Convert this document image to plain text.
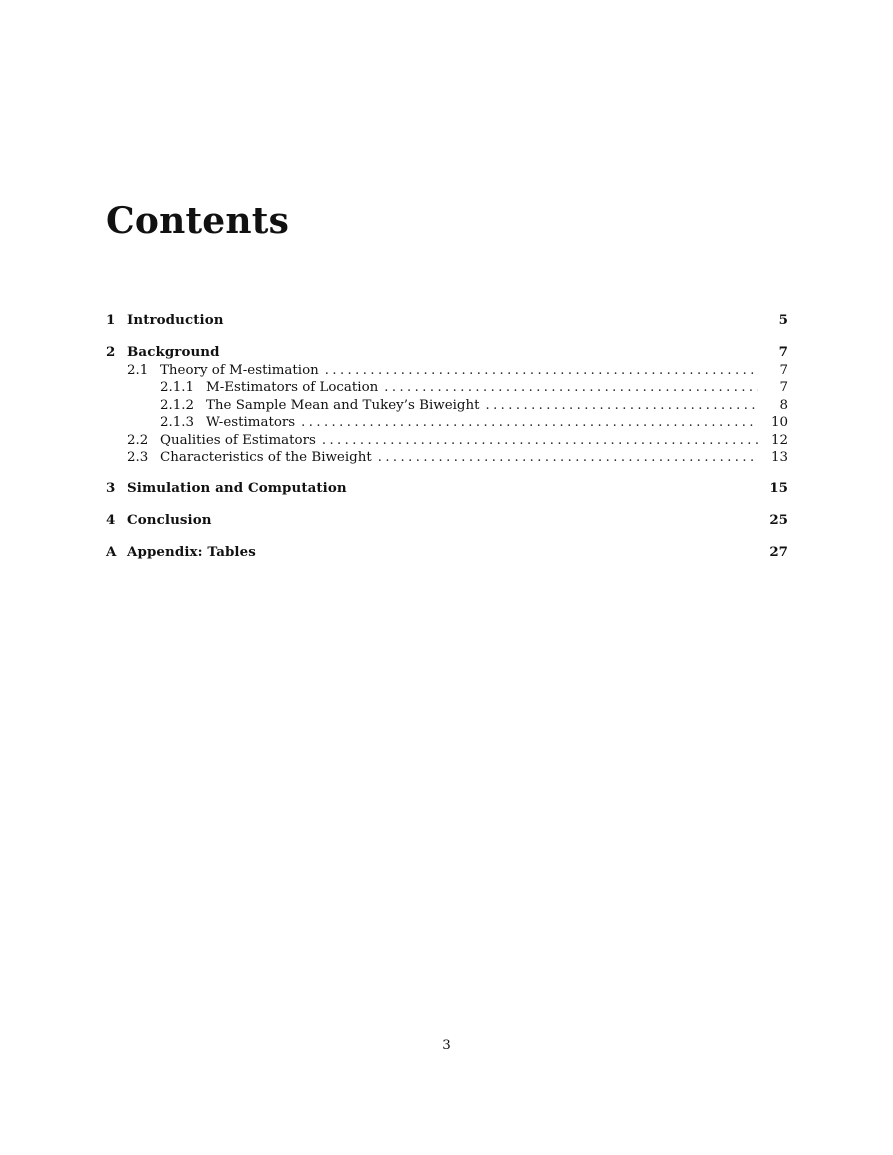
Contents
1 Introduction	5
2 Background	7
2.1 Theory of M-estimation . .	7
2.1.1 M-Estimators of Location . .	7
2.1.2 The Sample Mean and Tukey’s Biweight . .	8
2.1.3 W-estimators . .	10
2.2 Qualities of Estimators . .	12
2.3 Characteristics of the Biweight . .	13
3 Simulation and Computation	15
4 Conclusion	25
A Appendix: Tables	27
3
